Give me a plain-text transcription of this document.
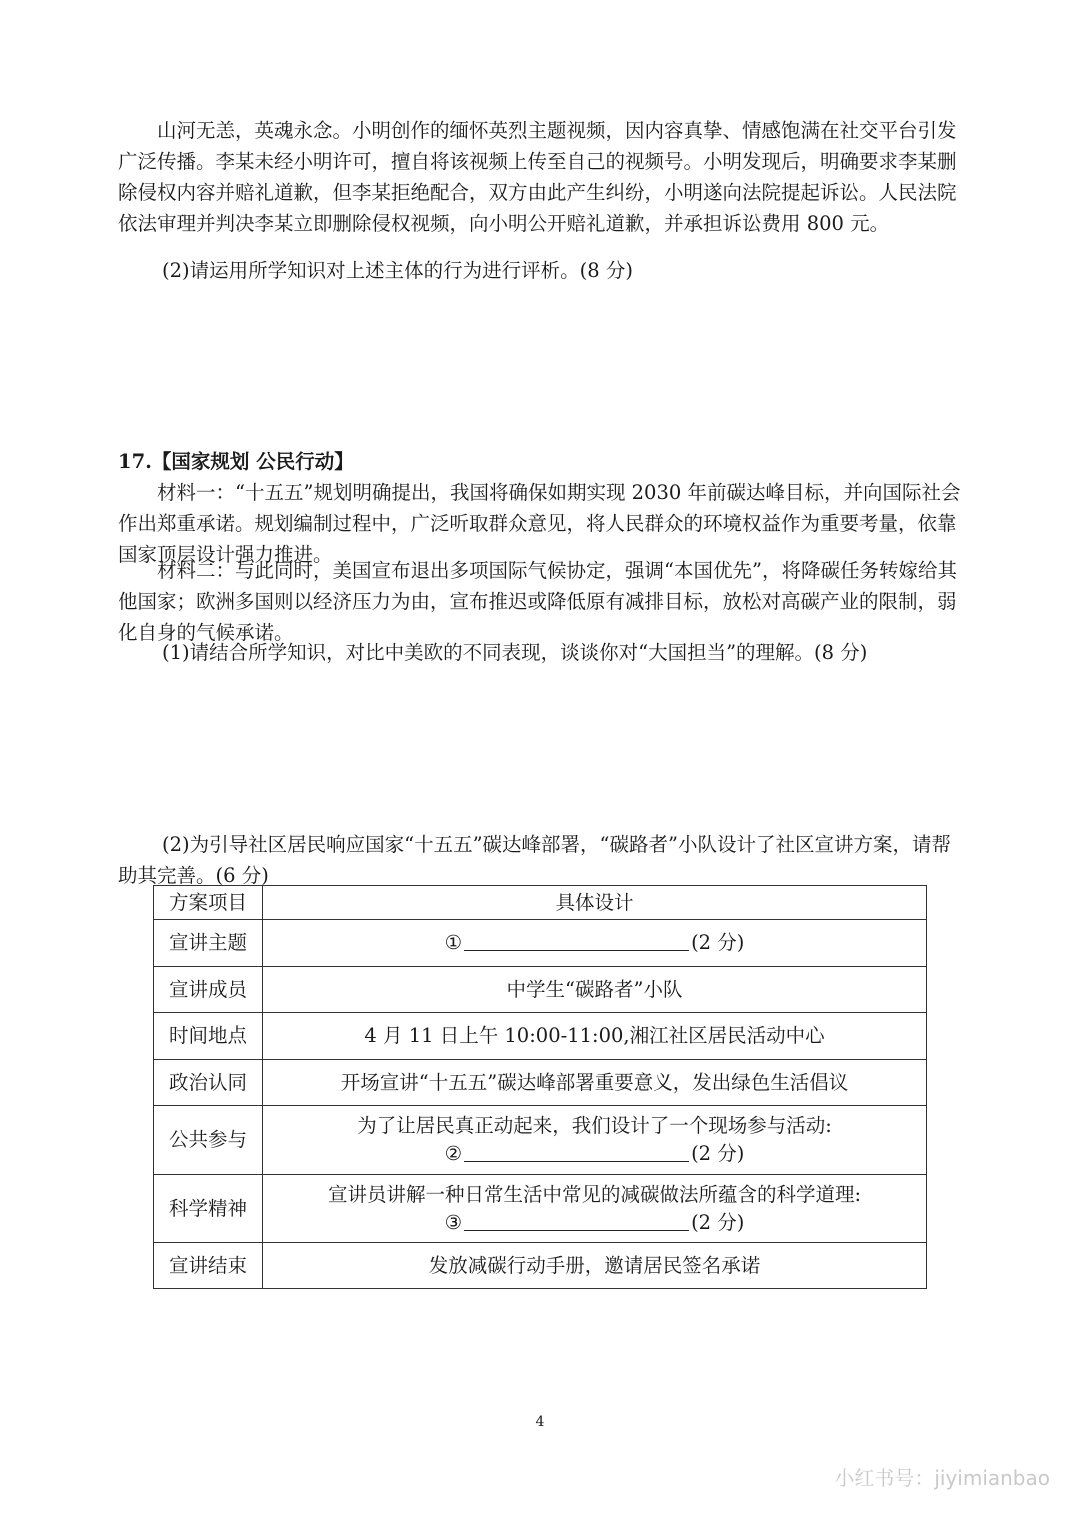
山河无恙，英魂永念。小明创作的缅怀英烈主题视频，因内容真挚、情感饱满在社交平台引发广泛传播。李某未经小明许可，擅自将该视频上传至自己的视频号。小明发现后，明确要求李某删除侵权内容并赔礼道歉，但李某拒绝配合，双方由此产生纠纷，小明遂向法院提起诉讼。人民法院依法审理并判决李某立即删除侵权视频，向小明公开赔礼道歉，并承担诉讼费用 800 元。

(2)请运用所学知识对上述主体的行为进行评析。(8 分)

17.【国家规划 公民行动】

材料一：“十五五”规划明确提出，我国将确保如期实现 2030 年前碳达峰目标，并向国际社会作出郑重承诺。规划编制过程中，广泛听取群众意见，将人民群众的环境权益作为重要考量，依靠国家顶层设计强力推进。

材料二：与此同时，美国宣布退出多项国际气候协定，强调“本国优先”，将降碳任务转嫁给其他国家；欧洲多国则以经济压力为由，宣布推迟或降低原有减排目标，放松对高碳产业的限制，弱化自身的气候承诺。

(1)请结合所学知识，对比中美欧的不同表现，谈谈你对“大国担当”的理解。(8 分)

(2)为引导社区居民响应国家“十五五”碳达峰部署，“碳路者”小队设计了社区宣讲方案，请帮助其完善。(6 分)

方案项目	具体设计
宣讲主题	① (2 分)
宣讲成员	中学生“碳路者”小队
时间地点	4 月 11 日上午 10:00-11:00,湘江社区居民活动中心
政治认同	开场宣讲“十五五”碳达峰部署重要意义，发出绿色生活倡议
公共参与	为了让居民真正动起来，我们设计了一个现场参与活动:
② (2 分)

科学精神	宣讲员讲解一种日常生活中常见的减碳做法所蕴含的科学道理:
③ (2 分)

宣讲结束	发放减碳行动手册，邀请居民签名承诺
4
小红书号：jiyimianbao
